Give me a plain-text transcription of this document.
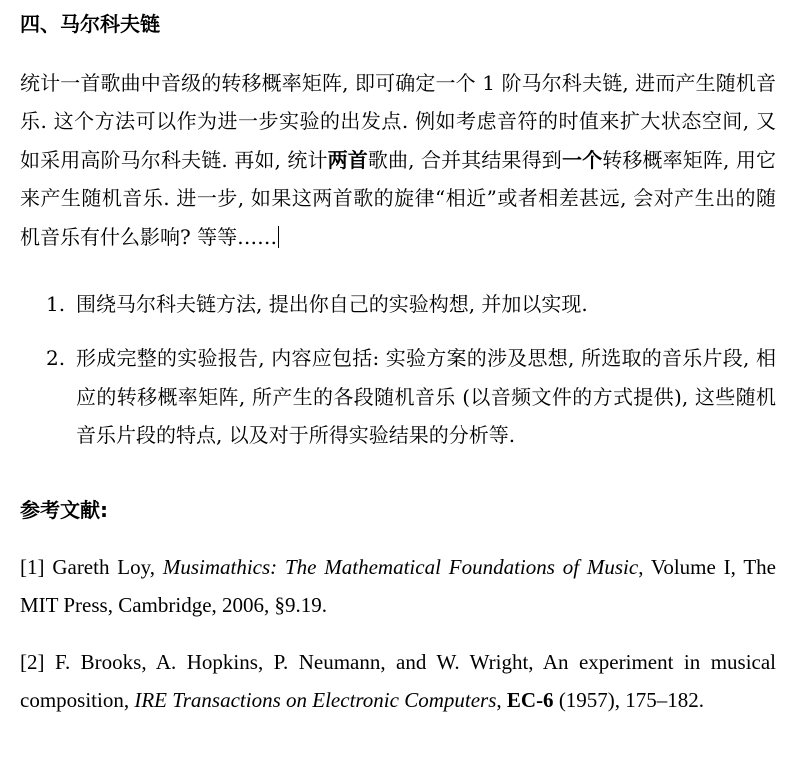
四、马尔科夫链
统计一首歌曲中音级的转移概率矩阵, 即可确定一个 1 阶马尔科夫链, 进而产生随机音乐. 这个方法可以作为进一步实验的出发点. 例如考虑音符的时值来扩大状态空间, 又如采用高阶马尔科夫链. 再如, 统计两首歌曲, 合并其结果得到一个转移概率矩阵, 用它来产生随机音乐. 进一步, 如果这两首歌的旋律“相近”或者相差甚远, 会对产生出的随机音乐有什么影响? 等等……
1. 围绕马尔科夫链方法, 提出你自己的实验构想, 并加以实现.
2. 形成完整的实验报告, 内容应包括: 实验方案的涉及思想, 所选取的音乐片段, 相应的转移概率矩阵, 所产生的各段随机音乐 (以音频文件的方式提供), 这些随机音乐片段的特点, 以及对于所得实验结果的分析等.
参考文献:
[1] Gareth Loy, Musimathics: The Mathematical Foundations of Music, Volume I, The MIT Press, Cambridge, 2006, §9.19.
[2] F. Brooks, A. Hopkins, P. Neumann, and W. Wright, An experiment in musical composition, IRE Transactions on Electronic Computers, EC-6 (1957), 175–182.
